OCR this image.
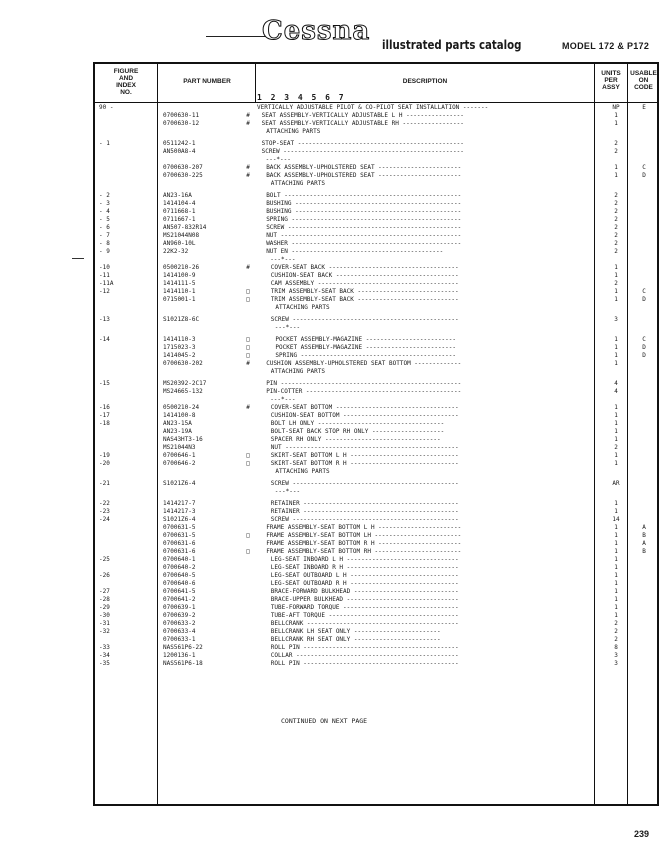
Cessna illustrated parts catalog	MODEL 172 & P172
FIGURE
AND
INDEX
NO.
PART NUMBER	DESCRIPTION
1 2 3 4 5 6 7
UNITS
PER
ASSY
USABLE
ON
CODE
90 -	VERTICALLY ADJUSTABLE PILOT & CO-PILOT SEAT INSTALLATION -------	NP	E
0700630-11	#	SEAT ASSEMBLY-VERTICALLY ADJUSTABLE L H ----------------	1
0700630-12	#	SEAT ASSEMBLY-VERTICALLY ADJUSTABLE RH -----------------	1
ATTACHING PARTS
- 1	0511242-1	STOP-SEAT ----------------------------------------------	2
AN500A8-4	SCREW --------------------------------------------------	2
---*---
0700630-207	#	BACK ASSEMBLY-UPHOLSTERED SEAT -----------------------	1	C
0700630-225	#	BACK ASSEMBLY-UPHOLSTERED SEAT -----------------------	1	D
ATTACHING PARTS
- 2	AN23-16A	BOLT -------------------------------------------------	2
- 3	1414104-4	BUSHING ----------------------------------------------	2
- 4	0711668-1	BUSHING ----------------------------------------------	2
- 5	0711667-1	SPRING -----------------------------------------------	2
- 6	AN507-832R14	SCREW ------------------------------------------------	2
- 7	MS21044N08	NUT --------------------------------------------------	2
- 8	AN960-10L	WASHER -----------------------------------------------	2
- 9	22K2-32	NUT EN ------------------------------------------	2
---*---
-10	0500210-26	#	COVER-SEAT BACK ------------------------------------	1
-11	1414100-9	CUSHION-SEAT BACK ----------------------------------	1
-11A	1414111-5	CAM ASSEMBLY ---------------------------------------	2
-12	1414110-1	□	TRIM ASSEMBLY-SEAT BACK ----------------------------	1	C
0715001-1	□	TRIM ASSEMBLY-SEAT BACK ----------------------------	1	D
ATTACHING PARTS
-13	S1021Z8-6C	SCREW ----------------------------------------------	3
---*---
-14	1414110-3	□	POCKET ASSEMBLY-MAGAZINE -------------------------	1	C
1715023-3	□	POCKET ASSEMBLY-MAGAZINE -------------------------	1	D
1414045-2	□	SPRING -------------------------------------------	1	D
0700630-202	#	CUSHION ASSEMBLY-UPHOLSTERED SEAT BOTTOM -------------	1
ATTACHING PARTS
-15	MS20392-2C17	PIN --------------------------------------------------	4
MS24665-132	PIN-COTTER -------------------------------------------	4
---*---
-16	0500210-24	#	COVER-SEAT BOTTOM ----------------------------------	1
-17	1414100-8	CUSHION-SEAT BOTTOM --------------------------------	1
-18	AN23-15A	BOLT LH ONLY -----------------------------------	1
AN23-19A	BOLT-SEAT BACK STOP RH ONLY --------------------	1
NAS43HT3-16	SPACER RH ONLY --------------------------------	1
MS21044N3	NUT ------------------------------------------------	2
-19	0700646-1	□	SKIRT-SEAT BOTTOM L H ------------------------------	1
-20	0700646-2	□	SKIRT-SEAT BOTTOM R H ------------------------------	1
ATTACHING PARTS
-21	S1021Z6-4	SCREW ----------------------------------------------	AR
---*---
-22	1414217-7	RETAINER -------------------------------------------	1
-23	1414217-3	RETAINER -------------------------------------------	1
-24	S1021Z6-4	SCREW ----------------------------------------------	14
0700631-5	FRAME ASSEMBLY-SEAT BOTTOM L H -----------------------	1	A
0700631-5	□	FRAME ASSEMBLY-SEAT BOTTOM LH ------------------------	1	B
0700631-6	FRAME ASSEMBLY-SEAT BOTTOM R H -----------------------	1	A
0700631-6	□	FRAME ASSEMBLY-SEAT BOTTOM RH ------------------------	1	B
-25	0700640-1	LEG-SEAT INBOARD L H -------------------------------	1
0700640-2	LEG-SEAT INBOARD R H -------------------------------	1
-26	0700640-5	LEG-SEAT OUTBOARD L H ------------------------------	1
0700640-6	LEG-SEAT OUTBOARD R H ------------------------------	1
-27	0700641-5	BRACE-FORWARD BULKHEAD -----------------------------	1
-28	0700641-2	BRACE-UPPER BULKHEAD -------------------------------	1
-29	0700639-1	TUBE-FORWARD TORQUE --------------------------------	1
-30	0700639-2	TUBE-AFT TORQUE ------------------------------------	1
-31	0700633-2	BELLCRANK ------------------------------------------	2
-32	0700633-4	BELLCRANK LH SEAT ONLY ------------------------	2
0700633-1	BELLCRANK RH SEAT ONLY ------------------------	2
-33	NAS561P6-22	ROLL PIN -------------------------------------------	8
-34	1200136-1	COLLAR ---------------------------------------------	3
-35	NAS561P6-18	ROLL PIN -------------------------------------------	3
CONTINUED ON NEXT PAGE
239
